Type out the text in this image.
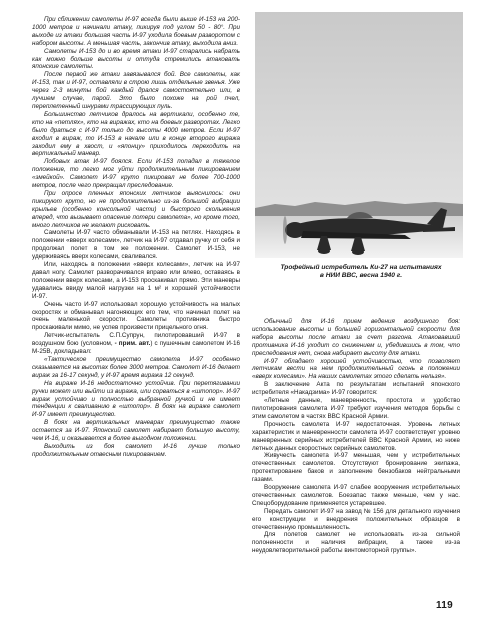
При сближении самолеты И-97 всегда были выше И-153 на 200-1000 метров и начинали атаку, пикируя под углом 50 - 80°. При выходе из атаки большая часть И-97 уходила боевым разворотом с набором высоты. А меньшая часть, закончив атаку, выходила вниз.

Самолеты И-153 до и во время атаки И-97 старались набрать как можно больше высоты и оттуда стремились атаковать японские самолеты.

После первой же атаки завязывался бой. Все самолеты, как И-153, так и И-97, оставляли в строю лишь отдельные звенья. Уже через 2-3 минуты бой каждый дрался самостоятельно или, в лучшем случае, парой. Это было похоже на рой пчел, переплетенный шнурами трассирующих пуль.

Большинство летчиков дралось на вертикали, особенно те, кто на «петлях», кто на виражах, кто на боевых разворотах. Легко было драться с И-97 только до высоты 4000 метров. Если И-97 входил в вираж, то И-153 в начале или в конце второго виража заходил ему в хвост, и «японцу» приходилось переходить на вертикальный маневр.

Лобовых атак И-97 боялся. Если И-153 попадал в тяжелое положение, то легко мог уйти продолжительным пикированием «змейкой». Самолет И-97 круто пикировал не более 700-1000 метров, после чего прекращал преследование.

При опросе пленных японских летчиков выяснилось: они пикируют круто, но не продолжительно из-за большой вибрации крыльев (особенно консольной части) и быстрого скольжения вперед, что вызывает опасение потери самолета», но кроме того, много летчиков не желают рисковать.

Самолеты И-97 часто обманывали И-153 на петлях. Находясь в положении «вверх колесами», летчик на И-97 отдавал ручку от себя и продолжал полет в том же положении. Самолет И-153, не удерживаясь вверх колесами, сваливался.

Или, находясь в положении «вверх колесами», летчик на И-97 давал ногу. Самолет разворачивался вправо или влево, оставаясь в положении вверх колесами, а И-153 проскакивал прямо. Эти маневры удавались ввиду малой нагрузки на 1 м² и хорошей устойчивости И-97.

Очень часто И-97 использовал хорошую устойчивость на малых скоростях и обманывал нагоняющих его тем, что начинал полет на очень маленькой скорости. Самолеты противника быстро проскакивали мимо, не успев произвести прицельного огня.

Летчик-испытатель С.П.Супрун, пилотировавший И-97 в воздушном бою (условном, - прим. авт.) с пушечным самолетом И-16 М-25В, докладывал:

«Тактическое преимущество самолета И-97 особенно сказывается на высотах более 3000 метров. Самолет И-16 делает вираж за 16-17 секунд, у И-97 время виража 12 секунд.

На вираже И-16 недостаточно устойчив. При перетягивании ручки может или выйти из виража, или сорваться в «штопор». И-97 вираж устойчиво и полностью выбранной ручкой и не имеет тенденции к сваливанию в «штопор». В боях на вираже самолет И-97 имеет преимущество.

В боях на вертикальных маневрах преимущество также остается за И-97. Японский самолет набирает большую высоту, чем И-16, и оказывается в более выгодном положении.

Выходить из боя самолет И-16 лучше только продолжительным отвесным пикированием.

Трофейный истребитель Ки-27 на испытаниях
в НИИ ВВС, весна 1940 г.

Обычный для И-16 прием ведения воздушного боя: использование высоты и большей горизонтальной скорости для набора высоты после атаки за счет разгона. Атаковавший противника И-16 уходит со снижением и, убедившись в том, что преследования нет, снова набирает высоту для атаки.

И-97 обладает хорошей устойчивостью, что позволяет летчикам вести на нем продолжительный огонь в положении «вверх колесами». На наших самолетах этого сделать нельзя».

В заключение Акта по результатам испытаний японского истребителя «Накадзима» И-97 говорится:

«Летные данные, маневренность, простота и удобство пилотирования самолета И-97 требуют изучения методов борьбы с этим самолетом в частях ВВС Красной Армии.

Прочность самолета И-97 недостаточная. Уровень летных характеристик и маневренности самолета И-97 соответствует уровню маневренных серийных истребителей ВВС Красной Армии, но ниже летных данных скоростных серийных самолетов.

Живучесть самолета И-97 меньшая, чем у истребительных отечественных самолетов. Отсутствуют бронирование экипажа, протектирование баков и заполнение бензобаков нейтральными газами.

Вооружение самолета И-97 слабее вооружения истребительных отечественных самолетов. Боезапас также меньше, чем у нас. Спецоборудование применяется устаревшее.

Передать самолет И-97 на завод № 156 для детального изучения его конструкции и внедрения положительных образцов в отечественную промышленность.

Для полетов самолет не использовать из-за сильной полоненности и наличия вибрации, а также из-за неудовлетворительной работы винтомоторной группы».

119
